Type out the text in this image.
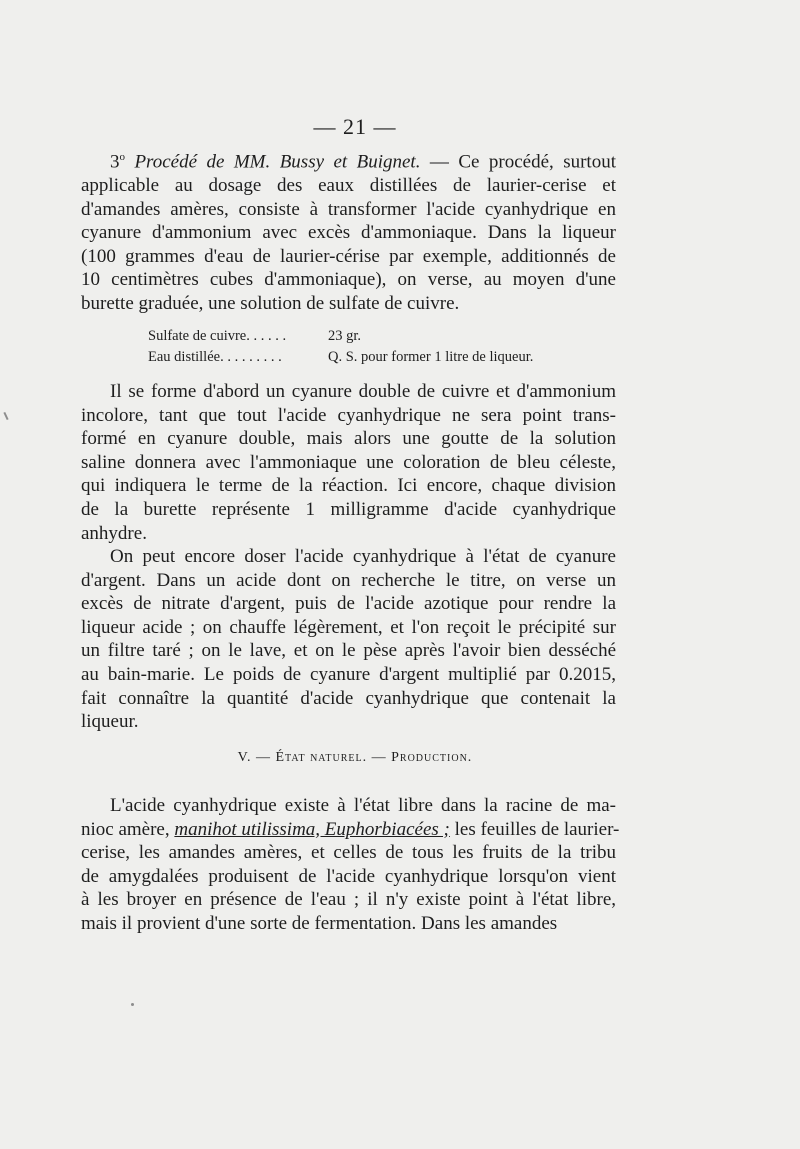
— 21 —
3$^o$ Procédé de MM. Bussy et Buignet. — Ce procédé, surtout
applicable au dosage des eaux distillées de laurier-cerise et
d'amandes amères, consiste à transformer l'acide cyanhydrique en
cyanure d'ammonium avec excès d'ammoniaque. Dans la liqueur
(100 grammes d'eau de laurier-cérise par exemple, additionnés de
10 centimètres cubes d'ammoniaque), on verse, au moyen d'une
burette graduée, une solution de sulfate de cuivre.
Sulfate de cuivre. . . . . .	23 gr.
Eau distillée. . . . . . . . .	Q. S. pour former 1 litre de liqueur.
Il se forme d'abord un cyanure double de cuivre et d'ammonium
incolore, tant que tout l'acide cyanhydrique ne sera point trans-
formé en cyanure double, mais alors une goutte de la solution
saline donnera avec l'ammoniaque une coloration de bleu céleste,
qui indiquera le terme de la réaction. Ici encore, chaque division
de la burette représente 1 milligramme d'acide cyanhydrique
anhydre.
On peut encore doser l'acide cyanhydrique à l'état de cyanure
d'argent. Dans un acide dont on recherche le titre, on verse un
excès de nitrate d'argent, puis de l'acide azotique pour rendre la
liqueur acide ; on chauffe légèrement, et l'on reçoit le précipité sur
un filtre taré ; on le lave, et on le pèse après l'avoir bien desséché
au bain-marie. Le poids de cyanure d'argent multiplié par 0.2015,
fait connaître la quantité d'acide cyanhydrique que contenait la
liqueur.
V. — État naturel. — Production.
L'acide cyanhydrique existe à l'état libre dans la racine de ma-
nioc amère, manihot utilissima, Euphorbiacées ; les feuilles de laurier-
cerise, les amandes amères, et celles de tous les fruits de la tribu
de amygdalées produisent de l'acide cyanhydrique lorsqu'on vient
à les broyer en présence de l'eau ; il n'y existe point à l'état libre,
mais il provient d'une sorte de fermentation. Dans les amandes
